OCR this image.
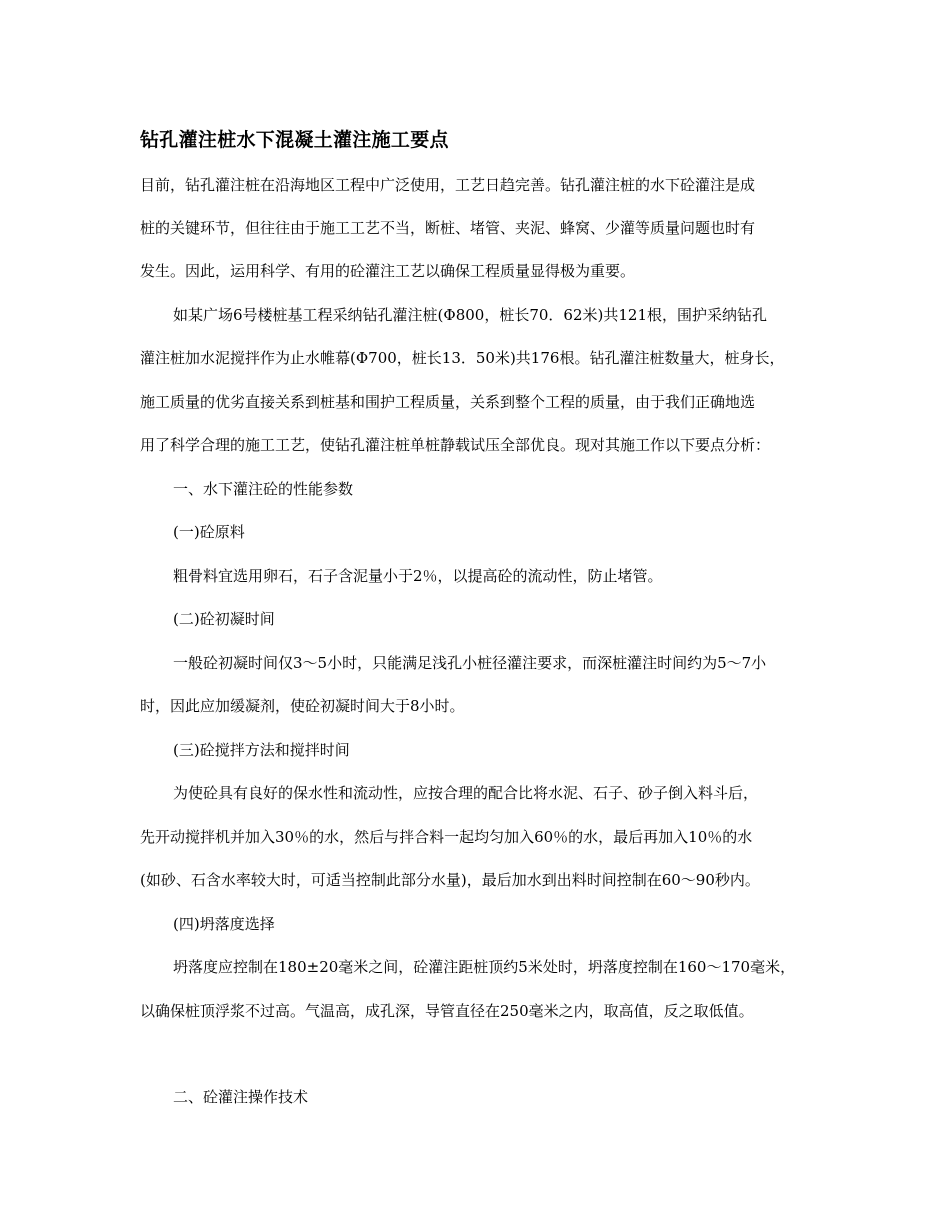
钻孔灌注桩水下混凝土灌注施工要点
目前，钻孔灌注桩在沿海地区工程中广泛使用，工艺日趋完善。钻孔灌注桩的水下砼灌注是成
桩的关键环节，但往往由于施工工艺不当，断桩、堵管、夹泥、蜂窝、少灌等质量问题也时有
发生。因此，运用科学、有用的砼灌注工艺以确保工程质量显得极为重要。
如某广场6号楼桩基工程采纳钻孔灌注桩(Φ800，桩长70．62米)共121根，围护采纳钻孔
灌注桩加水泥搅拌作为止水帷幕(Φ700，桩长13．50米)共176根。钻孔灌注桩数量大，桩身长，
施工质量的优劣直接关系到桩基和围护工程质量，关系到整个工程的质量，由于我们正确地选
用了科学合理的施工工艺，使钻孔灌注桩单桩静载试压全部优良。现对其施工作以下要点分析：
一、水下灌注砼的性能参数
(一)砼原料
粗骨料宜选用卵石，石子含泥量小于2％，以提高砼的流动性，防止堵管。
(二)砼初凝时间
一般砼初凝时间仅3～5小时，只能满足浅孔小桩径灌注要求，而深桩灌注时间约为5～7小
时，因此应加缓凝剂，使砼初凝时间大于8小时。
(三)砼搅拌方法和搅拌时间
为使砼具有良好的保水性和流动性，应按合理的配合比将水泥、石子、砂子倒入料斗后，
先开动搅拌机并加入30％的水，然后与拌合料一起均匀加入60％的水，最后再加入10％的水
(如砂、石含水率较大时，可适当控制此部分水量)，最后加水到出料时间控制在60～90秒内。
(四)坍落度选择
坍落度应控制在180±20毫米之间，砼灌注距桩顶约5米处时，坍落度控制在160～170毫米，
以确保桩顶浮浆不过高。气温高，成孔深，导管直径在250毫米之内，取高值，反之取低值。
二、砼灌注操作技术
